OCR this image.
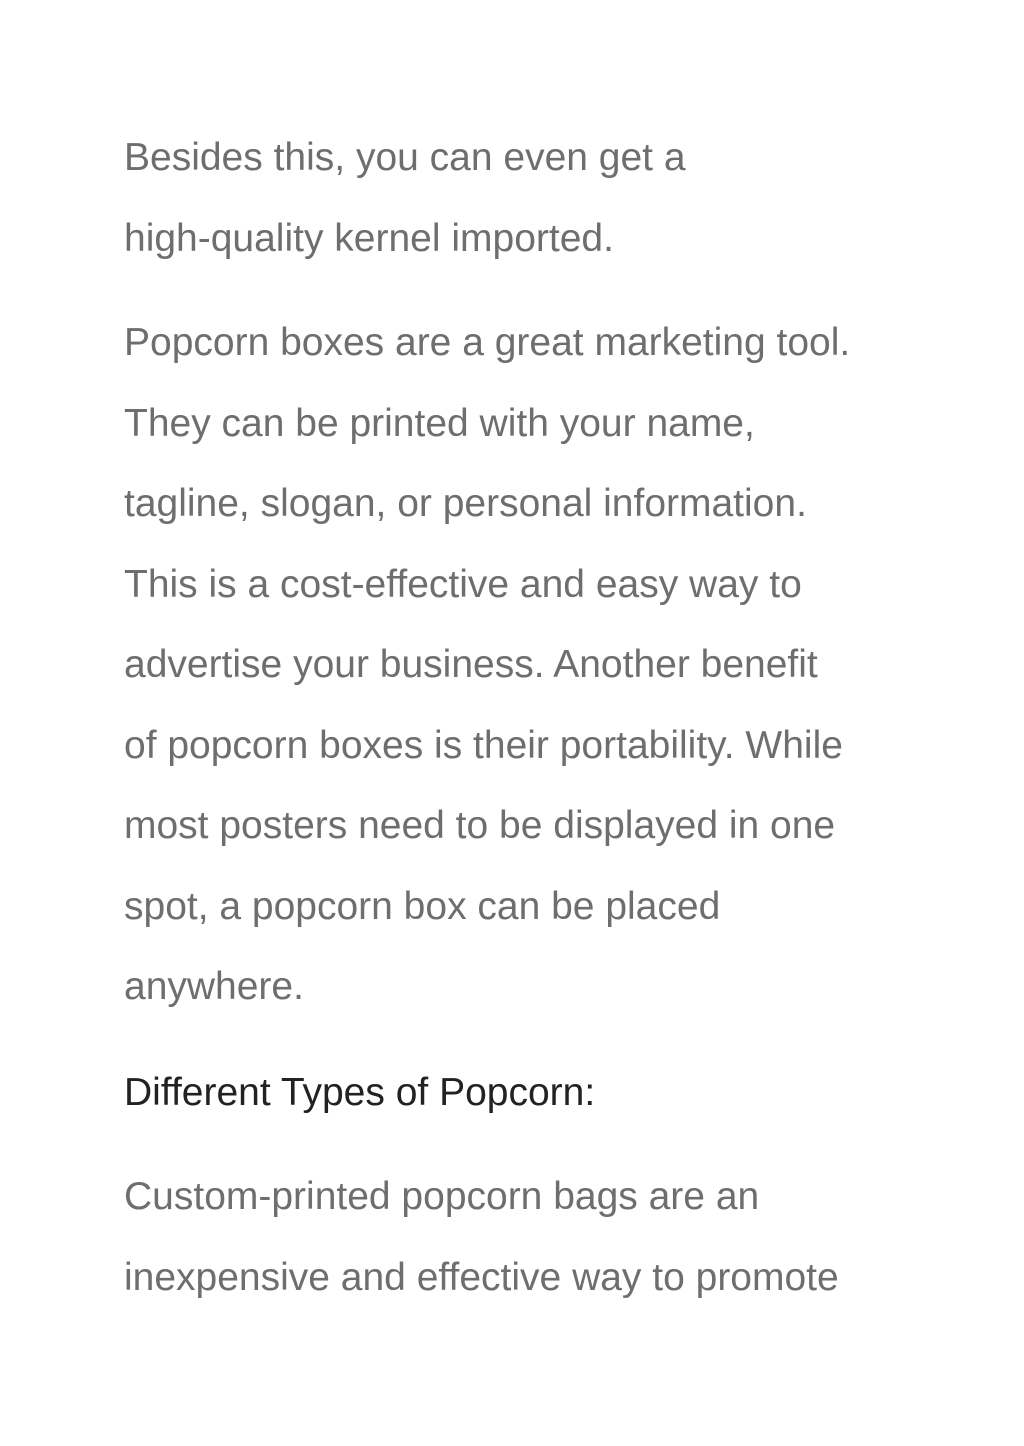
Besides this, you can even get a
high-quality kernel imported.

Popcorn boxes are a great marketing tool.
They can be printed with your name,
tagline, slogan, or personal information.
This is a cost-effective and easy way to
advertise your business. Another benefit
of popcorn boxes is their portability. While
most posters need to be displayed in one
spot, a popcorn box can be placed
anywhere.

Different Types of Popcorn:

Custom-printed popcorn bags are an
inexpensive and effective way to promote
